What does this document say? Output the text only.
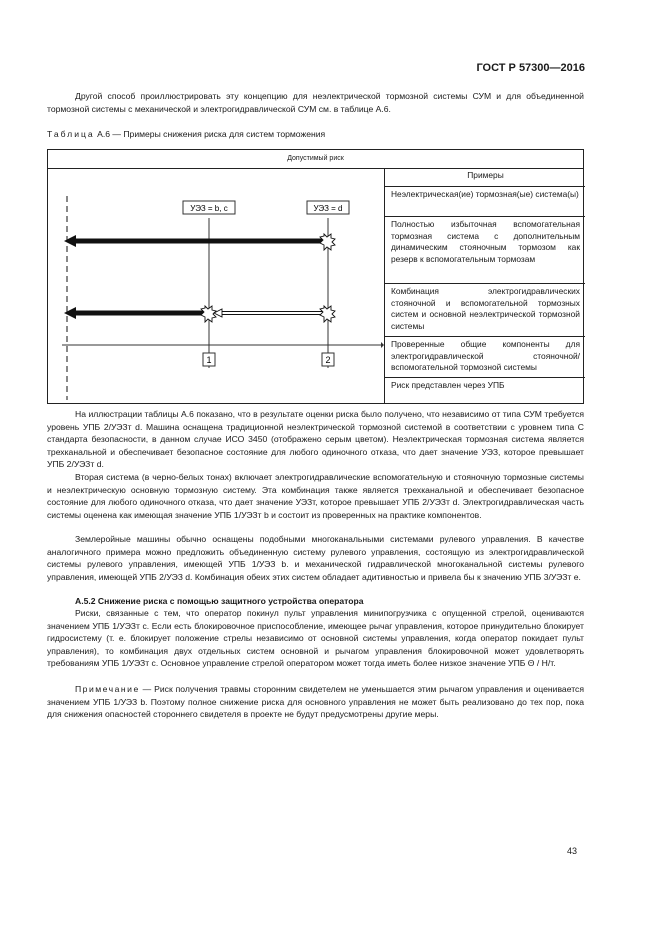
ГОСТ Р 57300—2016
Другой способ проиллюстрировать эту концепцию для неэлектрической тормозной системы СУМ и для объединенной тормозной системы с механической и электрогидравлической СУМ см. в таблице А.6.
Таблица А.6 — Примеры снижения риска для систем торможения
Допустимый риск
УЭЗ = b, c	УЭЗ = d
1	2
Примеры
Неэлектрическая(ие) тормозная(ые) система(ы)
Полностью избыточная вспомогательная тормозная система с дополнительным динамическим стояночным тормозом как резерв к вспомогательным тормозам
Комбинация электрогидравлических стояночной и вспомогательной тормозных систем и основной неэлектрической тормозной системы
Проверенные общие компоненты для электрогидравлической стояночной/вспомогательной тормозной системы
Риск представлен через УПБ
На иллюстрации таблицы А.6 показано, что в результате оценки риска было получено, что независимо от типа СУМ требуется уровень УПБ 2/УЭЗт d. Машина оснащена традиционной неэлектрической тормозной системой в соответствии с уровнем типа С стандарта безопасности, в данном случае ИСО 3450 (отображено серым цветом). Неэлектрическая тормозная система является трехканальной и обеспечивает безопасное состояние для любого одиночного отказа, что дает значение УЭЗ, которое превышает УПБ 2/УЭЗт d.
Вторая система (в черно-белых тонах) включает электрогидравлические вспомогательную и стояночную тормозные системы и неэлектрическую основную тормозную систему. Эта комбинация также является трехканальной и обеспечивает безопасное состояние для любого одиночного отказа, что дает значение УЭЗт, которое превышает УПБ 2/УЭЗт d. Электрогидравлическая часть системы оценена как имеющая значение УПБ 1/УЭЗт b и состоит из проверенных на практике компонентов.
Землеройные машины обычно оснащены подобными многоканальными системами рулевого управления. В качестве аналогичного примера можно предложить объединенную систему рулевого управления, состоящую из электрогидравлической системы рулевого управления, имеющей УПБ 1/УЭЗ b. и механической гидравлической многоканальной системы рулевого управления, имеющей УПБ 2/УЭЗ d. Комбинация обеих этих систем обладает адитивностью и привела бы к значению УПБ 3/УЭЗт e.
А.5.2 Снижение риска с помощью защитного устройства оператора
Риски, связанные с тем, что оператор покинул пульт управления минипогрузчика с опущенной стрелой, оцениваются значением УПБ 1/УЭЗт c. Если есть блокировочное приспособление, имеющее рычаг управления, которое принудительно блокирует гидросистему (т. е. блокирует положение стрелы независимо от основной системы управления, когда оператор покидает пульт управления), то комбинация двух отдельных систем основной и рычагом управления блокировочной может удовлетворять требованиям УПБ 1/УЭЗт c. Основное управление стрелой оператором может тогда иметь более низкое значение УПБ Θ / Н/т.
Примечание — Риск получения травмы сторонним свидетелем не уменьшается этим рычагом управления и оценивается значением УПБ 1/УЭЗ b. Поэтому полное снижение риска для основного управления не может быть реализовано до тех пор, пока для снижения опасностей стороннего свидетеля в проекте не будут предусмотрены другие меры.
43
